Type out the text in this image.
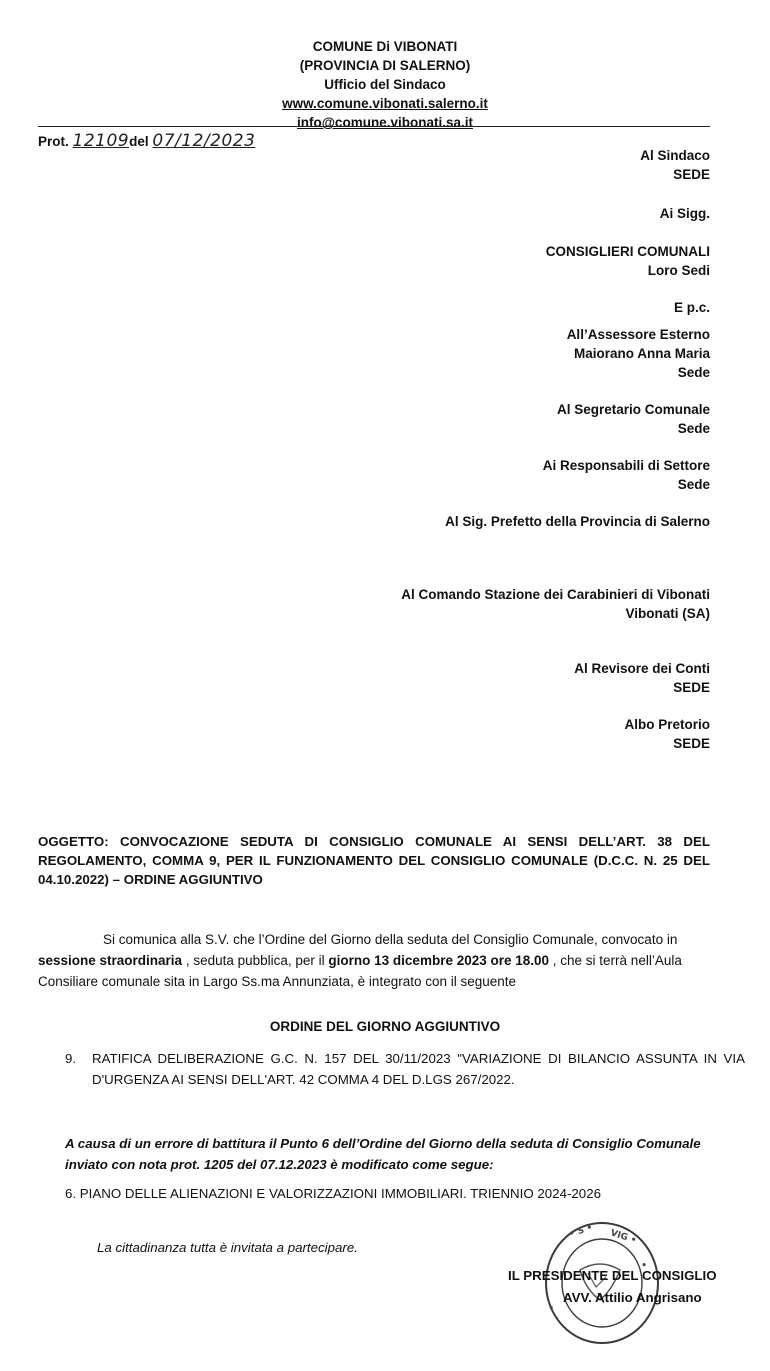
COMUNE Di VIBONATI
(PROVINCIA DI SALERNO)
Ufficio del Sindaco
www.comune.vibonati.salerno.it
info@comune.vibonati.sa.it
Prot. 12109del 07/12/2023
Al Sindaco
SEDE
Ai Sigg.
CONSIGLIERI COMUNALI
Loro Sedi
E p.c.
All’Assessore Esterno
Maiorano Anna Maria
Sede
Al Segretario Comunale
Sede
Ai Responsabili di Settore
Sede
Al Sig. Prefetto della Provincia di Salerno
Al Comando Stazione dei Carabinieri di Vibonati
Vibonati (SA)
Al Revisore dei Conti
SEDE
Albo Pretorio
SEDE
OGGETTO: CONVOCAZIONE SEDUTA DI CONSIGLIO COMUNALE AI SENSI DELL’ART. 38 DEL REGOLAMENTO, COMMA 9, PER IL FUNZIONAMENTO DEL CONSIGLIO COMUNALE (D.C.C. N. 25 DEL 04.10.2022) – ORDINE AGGIUNTIVO
Si comunica alla S.V. che l’Ordine del Giorno della seduta del Consiglio Comunale, convocato in
sessione straordinaria , seduta pubblica, per il giorno 13 dicembre 2023 ore 18.00 , che si terrà nell’Aula Consiliare comunale sita in Largo Ss.ma Annunziata, è integrato con il seguente
ORDINE DEL GIORNO AGGIUNTIVO
9. RATIFICA DELIBERAZIONE G.C. N. 157 DEL 30/11/2023 "VARIAZIONE DI BILANCIO ASSUNTA IN VIA D'URGENZA AI SENSI DELL'ART. 42 COMMA 4 DEL D.LGS 267/2022.
A causa di un errore di battitura il Punto 6 dell’Ordine del Giorno della seduta di Consiglio Comunale inviato con nota prot. 1205 del 07.12.2023 è modificato come segue:
6. PIANO DELLE ALIENAZIONI E VALORIZZAZIONI IMMOBILIARI. TRIENNIO 2024-2026
La cittadinanza tutta è invitata a partecipare.
• S • VIG •
•
•
IL PRESIDENTE DEL CONSIGLIO
AVV. Attilio Angrisano
